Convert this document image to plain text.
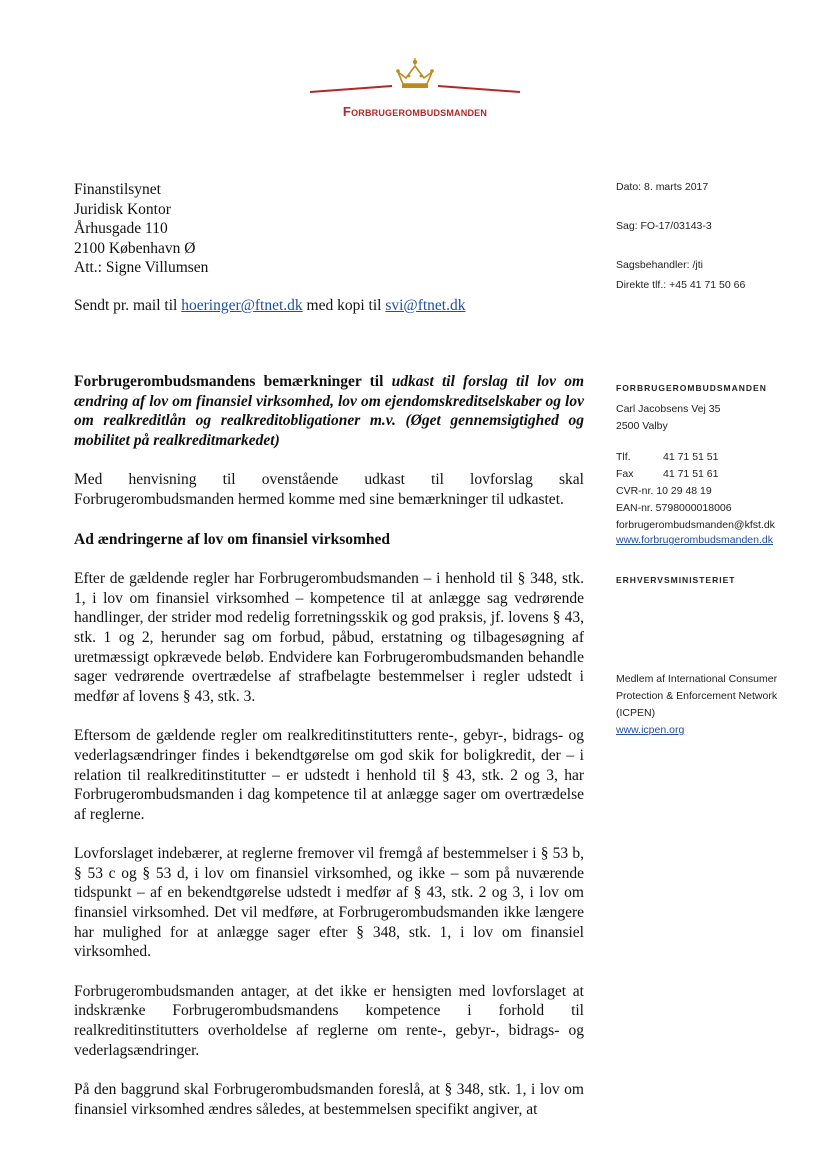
Forbrugerombudsmanden
Finanstilsynet
Juridisk Kontor
Århusgade 110
2100 København Ø
Att.: Signe Villumsen
Sendt pr. mail til hoeringer@ftnet.dk med kopi til svi@ftnet.dk
Dato: 8. marts 2017
Sag: FO-17/03143-3
Sagsbehandler: /jti
Direkte tlf.: +45 41 71 50 66
Forbrugerombudsmandens bemærkninger til udkast til forslag til lov om ændring af lov om finansiel virksomhed, lov om ejendomskreditselskaber og lov om realkreditlån og realkreditobligationer m.v. (Øget gennemsigtighed og mobilitet på realkreditmarkedet)

Med henvisning til ovenstående udkast til lovforslag skal Forbrugerombudsmanden hermed komme med sine bemærkninger til udkastet.

Ad ændringerne af lov om finansiel virksomhed

Efter de gældende regler har Forbrugerombudsmanden – i henhold til § 348, stk. 1, i lov om finansiel virksomhed – kompetence til at anlægge sag vedrørende handlinger, der strider mod redelig forretningsskik og god praksis, jf. lovens § 43, stk. 1 og 2, herunder sag om forbud, påbud, erstatning og tilbagesøgning af uretmæssigt opkrævede beløb. Endvidere kan Forbrugerombudsmanden behandle sager vedrørende overtrædelse af strafbelagte bestemmelser i regler udstedt i medfør af lovens § 43, stk. 3.

Eftersom de gældende regler om realkreditinstitutters rente-, gebyr-, bidrags- og vederlagsændringer findes i bekendtgørelse om god skik for boligkredit, der – i relation til realkreditinstitutter – er udstedt i henhold til § 43, stk. 2 og 3, har Forbrugerombudsmanden i dag kompetence til at anlægge sager om overtrædelse af reglerne.

Lovforslaget indebærer, at reglerne fremover vil fremgå af bestemmelser i § 53 b, § 53 c og § 53 d, i lov om finansiel virksomhed, og ikke – som på nuværende tidspunkt – af en bekendtgørelse udstedt i medfør af § 43, stk. 2 og 3, i lov om finansiel virksomhed. Det vil medføre, at Forbrugerombudsmanden ikke længere har mulighed for at anlægge sager efter § 348, stk. 1, i lov om finansiel virksomhed.

Forbrugerombudsmanden antager, at det ikke er hensigten med lovforslaget at indskrænke Forbrugerombudsmandens kompetence i forhold til realkreditinstitutters overholdelse af reglerne om rente-, gebyr-, bidrags- og vederlagsændringer.

På den baggrund skal Forbrugerombudsmanden foreslå, at § 348, stk. 1, i lov om finansiel virksomhed ændres således, at bestemmelsen specifikt angiver, at

FORBRUGEROMBUDSMANDEN
Carl Jacobsens Vej 35
2500 Valby
Tlf.	41 71 51 51
Fax	41 71 51 61
CVR-nr. 10 29 48 19
EAN-nr. 5798000018006
forbrugerombudsmanden@kfst.dk
www.forbrugerombudsmanden.dk
ERHVERVSMINISTERIET
Medlem af International Consumer
Protection & Enforcement Network
(ICPEN)
www.icpen.org
